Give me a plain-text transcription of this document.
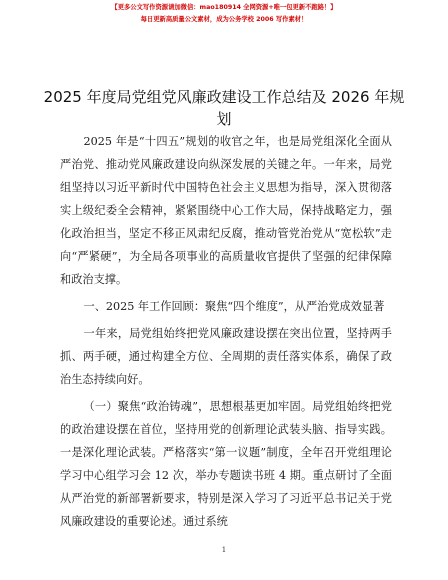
【更多公文写作资源请加微信：mao180914 全网资源+唯一包更新不跑路！】
每日更新高质量公文素材，成为公务学校 2006 写作素材！
2025 年度局党组党风廉政建设工作总结及 2026 年规划

2025 年是“十四五”规划的收官之年，也是局党组深化全面从严治党、推动党风廉政建设向纵深发展的关键之年。一年来，局党组坚持以习近平新时代中国特色社会主义思想为指导，深入贯彻落实上级纪委全会精神，紧紧围绕中心工作大局，保持战略定力，强化政治担当，坚定不移正风肃纪反腐，推动管党治党从“宽松软”走向“严紧硬”，为全局各项事业的高质量收官提供了坚强的纪律保障和政治支撑。

一、2025 年工作回顾：聚焦“四个维度”，从严治党成效显著

一年来，局党组始终把党风廉政建设摆在突出位置，坚持两手抓、两手硬，通过构建全方位、全周期的责任落实体系，确保了政治生态持续向好。

（一）聚焦“政治铸魂”，思想根基更加牢固。局党组始终把党的政治建设摆在首位，坚持用党的创新理论武装头脑、指导实践。一是深化理论武装。严格落实“第一议题”制度，全年召开党组理论学习中心组学习会 12 次，举办专题读书班 4 期。重点研讨了全面从严治党的新部署新要求，特别是深入学习了习近平总书记关于党风廉政建设的重要论述。通过系统

1
